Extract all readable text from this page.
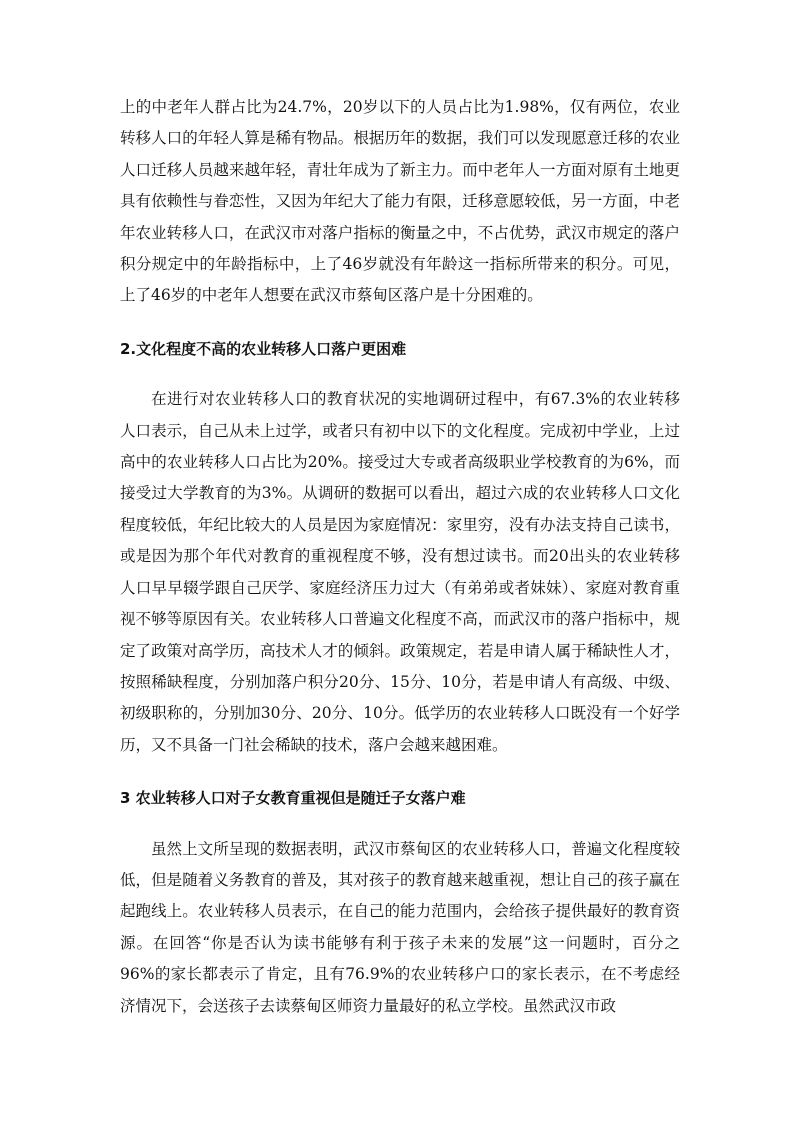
上的中老年人群占比为24.7%，20岁以下的人员占比为1.98%，仅有两位，农业转移人口的年轻人算是稀有物品。根据历年的数据，我们可以发现愿意迁移的农业人口迁移人员越来越年轻，青壮年成为了新主力。而中老年人一方面对原有土地更具有依赖性与眷恋性，又因为年纪大了能力有限，迁移意愿较低，另一方面，中老年农业转移人口，在武汉市对落户指标的衡量之中，不占优势，武汉市规定的落户积分规定中的年龄指标中，上了46岁就没有年龄这一指标所带来的积分。可见，上了46岁的中老年人想要在武汉市蔡甸区落户是十分困难的。

2.文化程度不高的农业转移人口落户更困难

在进行对农业转移人口的教育状况的实地调研过程中，有67.3%的农业转移人口表示，自己从未上过学，或者只有初中以下的文化程度。完成初中学业，上过高中的农业转移人口占比为20%。接受过大专或者高级职业学校教育的为6%，而接受过大学教育的为3%。从调研的数据可以看出，超过六成的农业转移人口文化程度较低，年纪比较大的人员是因为家庭情况：家里穷，没有办法支持自己读书，或是因为那个年代对教育的重视程度不够，没有想过读书。而20出头的农业转移人口早早辍学跟自己厌学、家庭经济压力过大（有弟弟或者妹妹）、家庭对教育重视不够等原因有关。农业转移人口普遍文化程度不高，而武汉市的落户指标中，规定了政策对高学历，高技术人才的倾斜。政策规定，若是申请人属于稀缺性人才，按照稀缺程度，分别加落户积分20分、15分、10分，若是申请人有高级、中级、初级职称的，分别加30分、20分、10分。低学历的农业转移人口既没有一个好学历，又不具备一门社会稀缺的技术，落户会越来越困难。

3 农业转移人口对子女教育重视但是随迁子女落户难

虽然上文所呈现的数据表明，武汉市蔡甸区的农业转移人口，普遍文化程度较低，但是随着义务教育的普及，其对孩子的教育越来越重视，想让自己的孩子赢在起跑线上。农业转移人员表示，在自己的能力范围内，会给孩子提供最好的教育资源。在回答“你是否认为读书能够有利于孩子未来的发展”这一问题时，百分之96%的家长都表示了肯定，且有76.9%的农业转移户口的家长表示，在不考虑经济情况下，会送孩子去读蔡甸区师资力量最好的私立学校。虽然武汉市政
